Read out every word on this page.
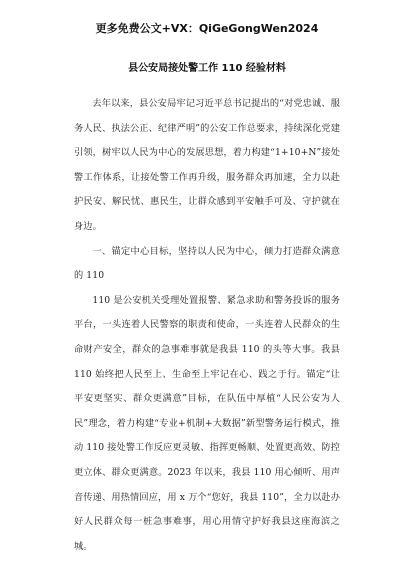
更多免费公文+VX：QiGeGongWen2024
县公安局接处警工作 110 经验材料

去年以来，县公安局牢记习近平总书记提出的“对党忠诚、服务人民、执法公正、纪律严明”的公安工作总要求，持续深化党建引领，树牢以人民为中心的发展思想，着力构建“1+10+N”接处警工作体系，让接处警工作再升级，服务群众再加速，全力以赴护民安、解民忧、惠民生，让群众感到平安触手可及、守护就在身边。

一、锚定中心目标，坚持以人民为中心，倾力打造群众满意的 110

110 是公安机关受理处置报警、紧急求助和警务投诉的服务平台，一头连着人民警察的职责和使命，一头连着人民群众的生命财产安全，群众的急事难事就是我县 110 的头等大事。我县 110 始终把人民至上、生命至上牢记在心、践之于行。锚定“让平安更坚实、群众更满意”目标，在队伍中厚植“人民公安为人民”理念，着力构建“专业+机制+大数据”新型警务运行模式，推动 110 接处警工作反应更灵敏、指挥更畅顺、处置更高效、防控更立体、群众更满意。2023 年以来，我县 110 用心倾听、用声音传递、用热情回应，用 x 万个“您好，我县 110”，全力以赴办好人民群众每一桩急事难事，用心用情守护好我县这座海滨之城。
